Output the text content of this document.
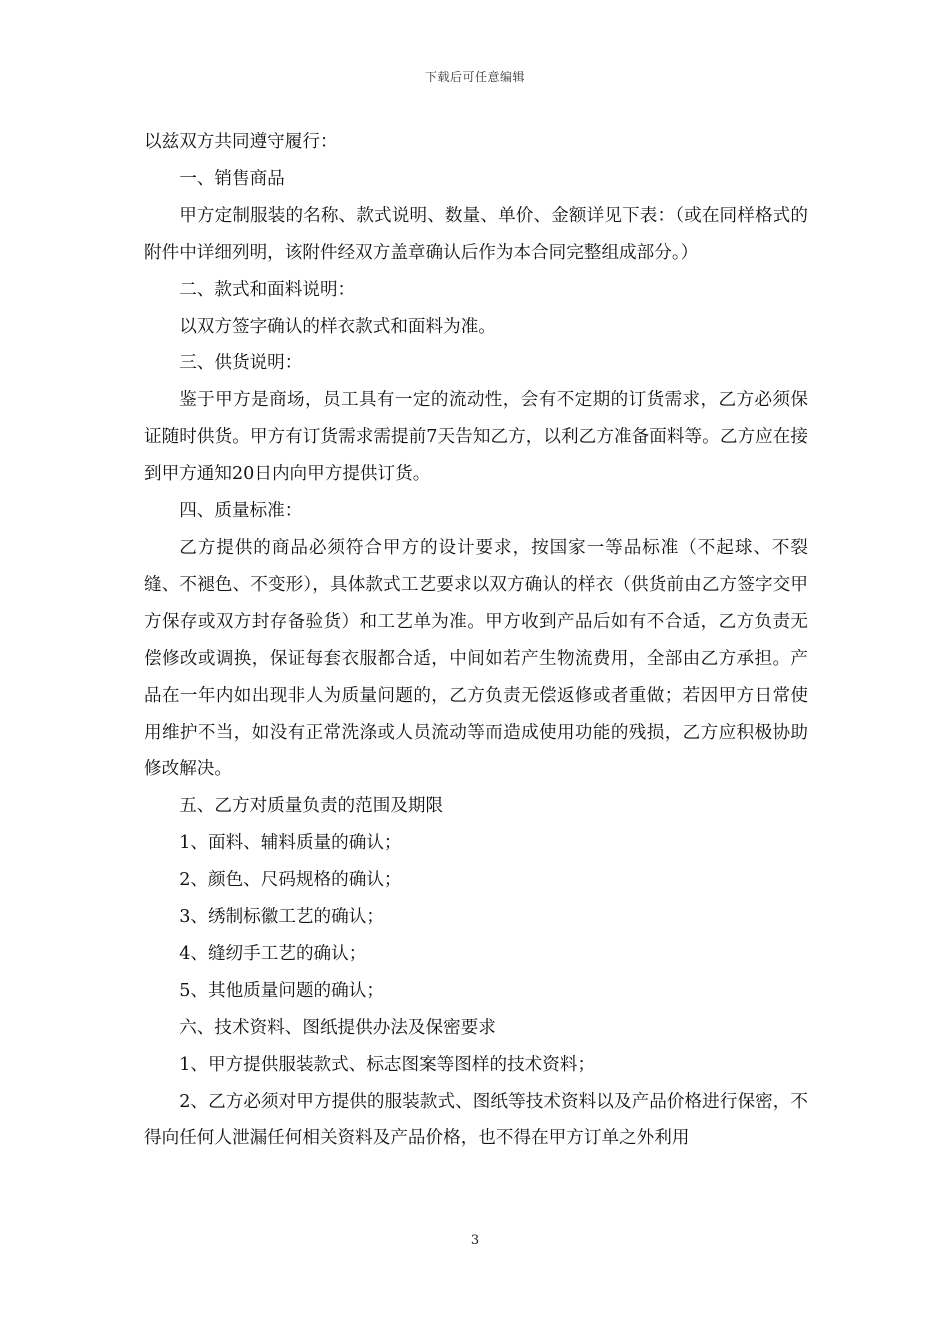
下载后可任意编辑

以兹双方共同遵守履行：

一、销售商品

甲方定制服装的名称、款式说明、数量、单价、金额详见下表：（或在同样格式的附件中详细列明，该附件经双方盖章确认后作为本合同完整组成部分。）

二、款式和面料说明：

以双方签字确认的样衣款式和面料为准。

三、供货说明：

鉴于甲方是商场，员工具有一定的流动性，会有不定期的订货需求，乙方必须保证随时供货。甲方有订货需求需提前7天告知乙方，以利乙方准备面料等。乙方应在接到甲方通知20日内向甲方提供订货。

四、质量标准：

乙方提供的商品必须符合甲方的设计要求，按国家一等品标准（不起球、不裂缝、不褪色、不变形），具体款式工艺要求以双方确认的样衣（供货前由乙方签字交甲方保存或双方封存备验货）和工艺单为准。甲方收到产品后如有不合适，乙方负责无偿修改或调换，保证每套衣服都合适，中间如若产生物流费用，全部由乙方承担。产品在一年内如出现非人为质量问题的，乙方负责无偿返修或者重做；若因甲方日常使用维护不当，如没有正常洗涤或人员流动等而造成使用功能的残损，乙方应积极协助修改解决。

五、乙方对质量负责的范围及期限

1、面料、辅料质量的确认；

2、颜色、尺码规格的确认；

3、绣制标徽工艺的确认；

4、缝纫手工艺的确认；

5、其他质量问题的确认；

六、技术资料、图纸提供办法及保密要求

1、甲方提供服装款式、标志图案等图样的技术资料；

2、乙方必须对甲方提供的服装款式、图纸等技术资料以及产品价格进行保密，不得向任何人泄漏任何相关资料及产品价格，也不得在甲方订单之外利用

3
